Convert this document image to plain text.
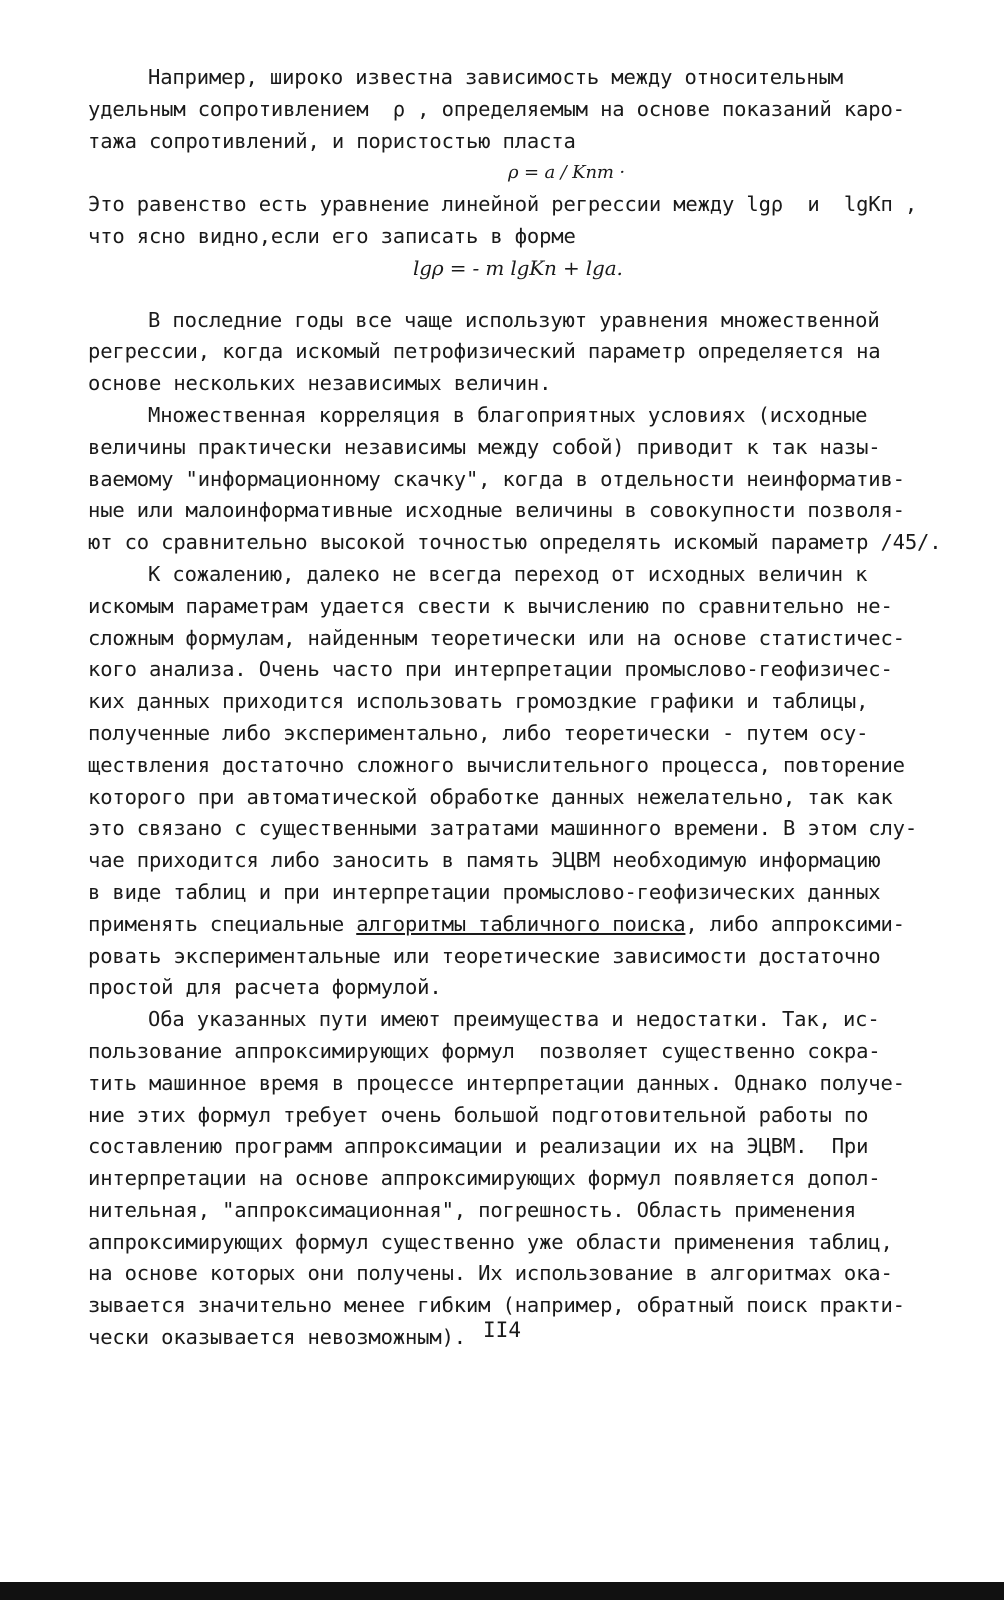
Например, широко известна зависимость между относительным
удельным сопротивлением  ρ , определяемым на основе показаний каро-
тажа сопротивлений, и пористостью пласта
ρ = a / Kпm ·
Это равенство есть уравнение линейной регрессии между lgρ  и  lgKп ,
что ясно видно,если его записать в форме
lgρ = - m lgKп + lga.
В последние годы все чаще используют уравнения множественной
регрессии, когда искомый петрофизический параметр определяется на
основе нескольких независимых величин.
Множественная корреляция в благоприятных условиях (исходные
величины практически независимы между собой) приводит к так назы-
ваемому "информационному скачку", когда в отдельности неинформатив-
ные или малоинформативные исходные величины в совокупности позволя-
ют со сравнительно высокой точностью определять искомый параметр /45/.
К сожалению, далеко не всегда переход от исходных величин к
искомым параметрам удается свести к вычислению по сравнительно не-
сложным формулам, найденным теоретически или на основе статистичес-
кого анализа. Очень часто при интерпретации промыслово-геофизичес-
ких данных приходится использовать громоздкие графики и таблицы,
полученные либо экспериментально, либо теоретически - путем осу-
ществления достаточно сложного вычислительного процесса, повторение
которого при автоматической обработке данных нежелательно, так как
это связано с существенными затратами машинного времени. В этом слу-
чае приходится либо заносить в память ЭЦВМ необходимую информацию
в виде таблиц и при интерпретации промыслово-геофизических данных
применять специальные алгоритмы табличного поиска, либо аппроксими-
ровать экспериментальные или теоретические зависимости достаточно
простой для расчета формулой.
Оба указанных пути имеют преимущества и недостатки. Так, ис-
пользование аппроксимирующих формул  позволяет существенно сокра-
тить машинное время в процессе интерпретации данных. Однако получе-
ние этих формул требует очень большой подготовительной работы по
составлению программ аппроксимации и реализации их на ЭЦВМ.  При
интерпретации на основе аппроксимирующих формул появляется допол-
нительная, "аппроксимационная", погрешность. Область применения
аппроксимирующих формул существенно уже области применения таблиц,
на основе которых они получены. Их использование в алгоритмах ока-
зывается значительно менее гибким (например, обратный поиск практи-
чески оказывается невозможным). II4
